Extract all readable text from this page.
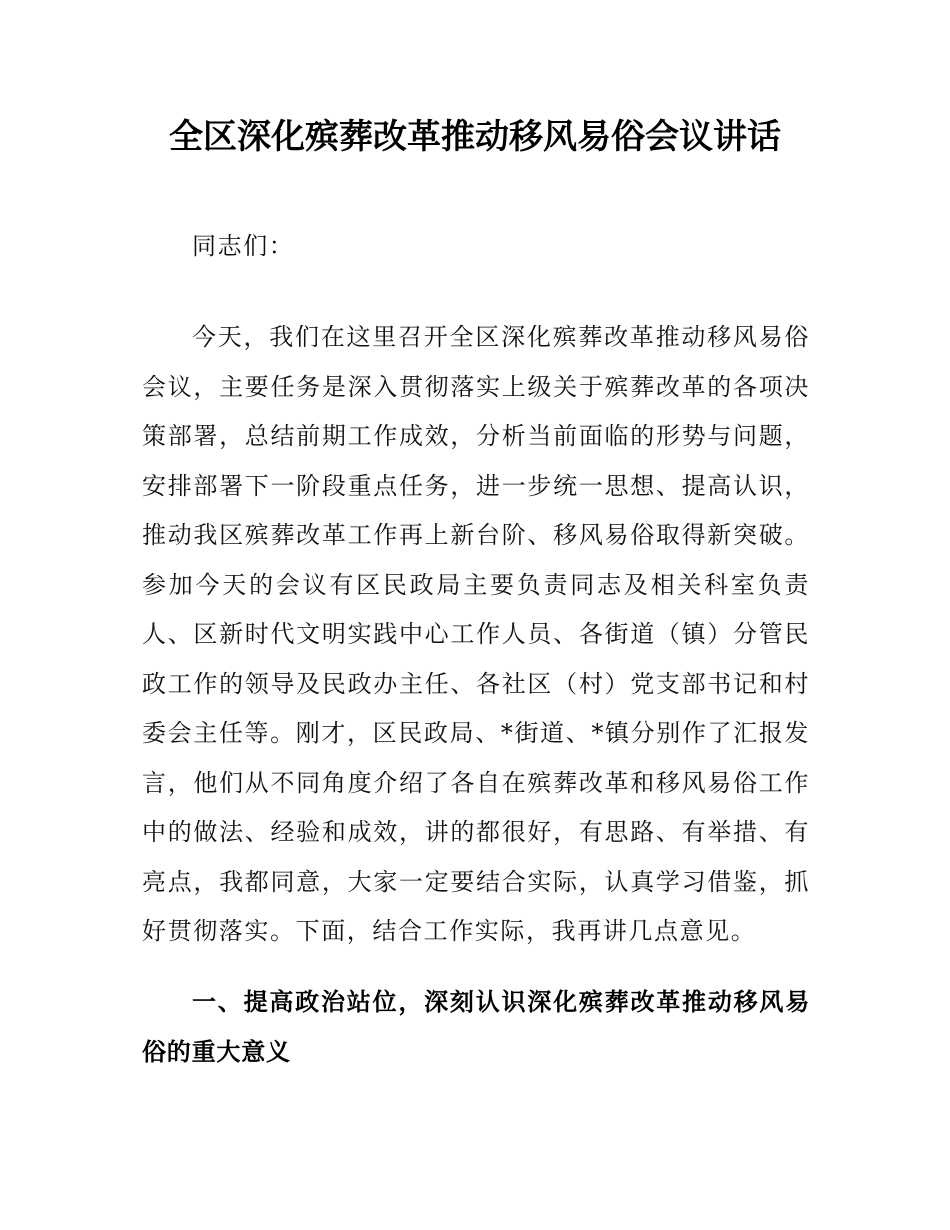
全区深化殡葬改革推动移风易俗会议讲话

同志们：

今天，我们在这里召开全区深化殡葬改革推动移风易俗会议，主要任务是深入贯彻落实上级关于殡葬改革的各项决策部署，总结前期工作成效，分析当前面临的形势与问题，安排部署下一阶段重点任务，进一步统一思想、提高认识，推动我区殡葬改革工作再上新台阶、移风易俗取得新突破。参加今天的会议有区民政局主要负责同志及相关科室负责人、区新时代文明实践中心工作人员、各街道（镇）分管民政工作的领导及民政办主任、各社区（村）党支部书记和村委会主任等。刚才，区民政局、*街道、*镇分别作了汇报发言，他们从不同角度介绍了各自在殡葬改革和移风易俗工作中的做法、经验和成效，讲的都很好，有思路、有举措、有亮点，我都同意，大家一定要结合实际，认真学习借鉴，抓好贯彻落实。下面，结合工作实际，我再讲几点意见。

一、提高政治站位，深刻认识深化殡葬改革推动移风易俗的重大意义
